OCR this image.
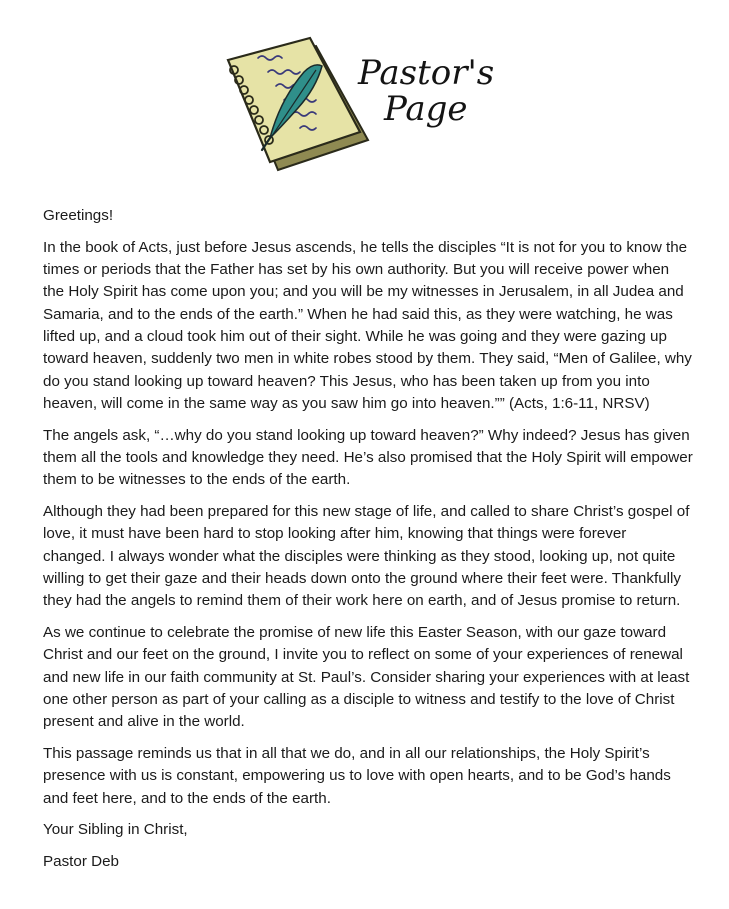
Pastor's
Page

Greetings!

In the book of Acts, just before Jesus ascends, he tells the disciples “It is not for you to know the times or periods that the Father has set by his own authority. But you will receive power when the Holy Spirit has come upon you; and you will be my witnesses in Jerusalem, in all Judea and Samaria, and to the ends of the earth.” When he had said this, as they were watching, he was lifted up, and a cloud took him out of their sight. While he was going and they were gazing up toward heaven, suddenly two men in white robes stood by them. They said, “Men of Galilee, why do you stand looking up toward heaven? This Jesus, who has been taken up from you into heaven, will come in the same way as you saw him go into heaven.”” (Acts, 1:6-11, NRSV)

The angels ask, “…why do you stand looking up toward heaven?” Why indeed? Jesus has given them all the tools and knowledge they need. He’s also promised that the Holy Spirit will empower them to be witnesses to the ends of the earth.

Although they had been prepared for this new stage of life, and called to share Christ’s gospel of love, it must have been hard to stop looking after him, knowing that things were forever changed. I always wonder what the disciples were thinking as they stood, looking up, not quite willing to get their gaze and their heads down onto the ground where their feet were. Thankfully they had the angels to remind them of their work here on earth, and of Jesus promise to return.

As we continue to celebrate the promise of new life this Easter Season, with our gaze toward Christ and our feet on the ground, I invite you to reflect on some of your experiences of renewal and new life in our faith community at St. Paul’s. Consider sharing your experiences with at least one other person as part of your calling as a disciple to witness and testify to the love of Christ present and alive in the world.

This passage reminds us that in all that we do, and in all our relationships, the Holy Spirit’s presence with us is constant, empowering us to love with open hearts, and to be God’s hands and feet here, and to the ends of the earth.

Your Sibling in Christ,

Pastor Deb
